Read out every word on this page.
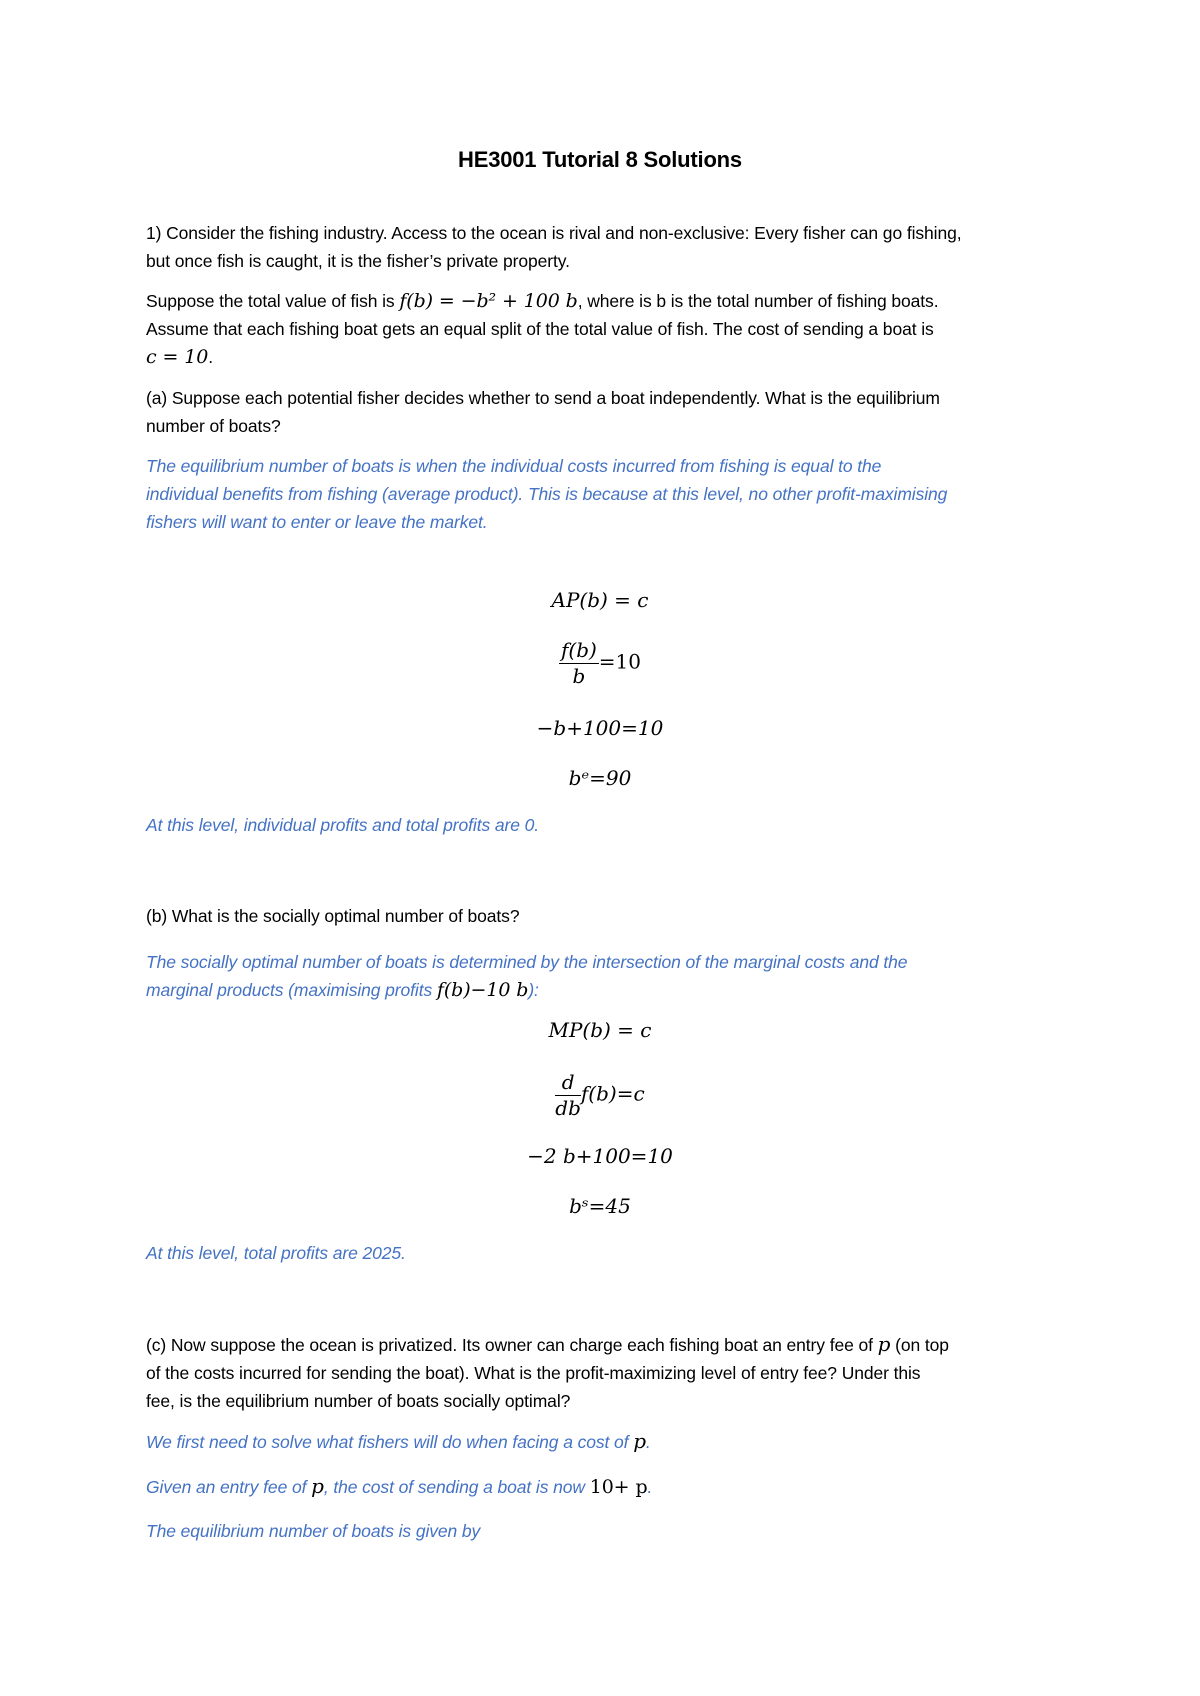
HE3001 Tutorial 8 Solutions
1) Consider the fishing industry. Access to the ocean is rival and non-exclusive: Every fisher can go fishing,
but once fish is caught, it is the fisher’s private property.
Suppose the total value of fish is f(b) = −b² + 100 b, where is b is the total number of fishing boats.
Assume that each fishing boat gets an equal split of the total value of fish. The cost of sending a boat is
c = 10.
(a) Suppose each potential fisher decides whether to send a boat independently. What is the equilibrium
number of boats?
The equilibrium number of boats is when the individual costs incurred from fishing is equal to the
individual benefits from fishing (average product). This is because at this level, no other profit-maximising
fishers will want to enter or leave the market.
AP(b) = c
$\frac{f(b)}{b} =10$
−b+100=10
bᵉ=90
At this level, individual profits and total profits are 0.
(b) What is the socially optimal number of boats?
The socially optimal number of boats is determined by the intersection of the marginal costs and the
marginal products (maximising profits f(b)−10 b):
MP(b) = c
$\frac{d}{db} f(b)=c$
−2 b+100=10
bˢ=45
At this level, total profits are 2025.
(c) Now suppose the ocean is privatized. Its owner can charge each fishing boat an entry fee of p (on top
of the costs incurred for sending the boat). What is the profit-maximizing level of entry fee? Under this
fee, is the equilibrium number of boats socially optimal?
We first need to solve what fishers will do when facing a cost of p.
Given an entry fee of p, the cost of sending a boat is now 10+ p.
The equilibrium number of boats is given by
